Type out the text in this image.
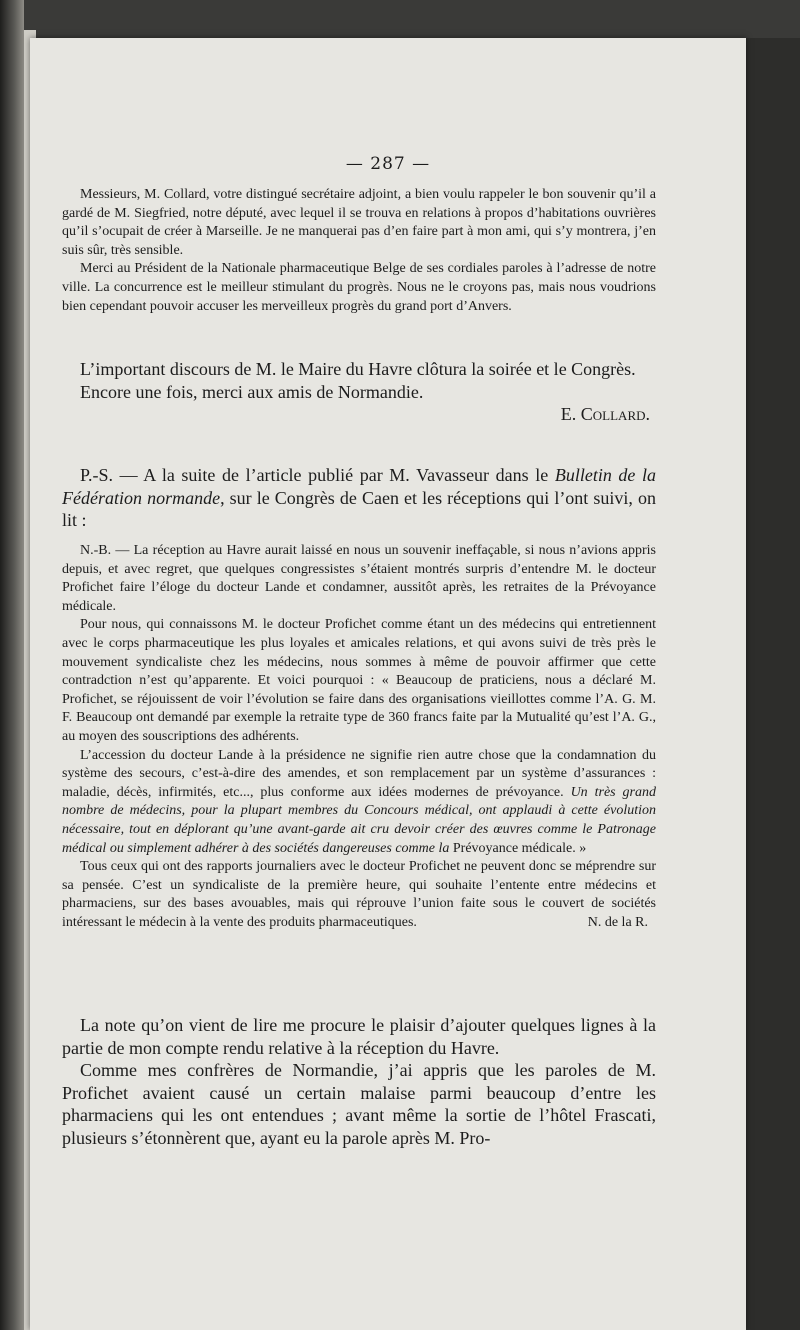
— 287 —

Messieurs, M. Collard, votre distingué secrétaire adjoint, a bien voulu rappeler le bon souvenir qu’il a gardé de M. Siegfried, notre député, avec lequel il se trouva en relations à propos d’habitations ouvrières qu’il s’ocupait de créer à Marseille. Je ne manquerai pas d’en faire part à mon ami, qui s’y montrera, j’en suis sûr, très sensible.

Merci au Président de la Nationale pharmaceutique Belge de ses cordiales paroles à l’adresse de notre ville. La concurrence est le meilleur stimulant du progrès. Nous ne le croyons pas, mais nous voudrions bien cependant pouvoir accuser les merveilleux progrès du grand port d’Anvers.

L’important discours de M. le Maire du Havre clôtura la soirée et le Congrès.

Encore une fois, merci aux amis de Normandie.

E. Collard.

P.-S. — A la suite de l’article publié par M. Vavasseur dans le Bulletin de la Fédération normande, sur le Congrès de Caen et les réceptions qui l’ont suivi, on lit :

N.-B. — La réception au Havre aurait laissé en nous un souvenir ineffaçable, si nous n’avions appris depuis, et avec regret, que quelques congressistes s’étaient montrés surpris d’entendre M. le docteur Profichet faire l’éloge du docteur Lande et condamner, aussitôt après, les retraites de la Prévoyance médicale.

Pour nous, qui connaissons M. le docteur Profichet comme étant un des médecins qui entretiennent avec le corps pharmaceutique les plus loyales et amicales relations, et qui avons suivi de très près le mouvement syndicaliste chez les médecins, nous sommes à même de pouvoir affirmer que cette contradction n’est qu’apparente. Et voici pourquoi : « Beaucoup de praticiens, nous a déclaré M. Profichet, se réjouissent de voir l’évolution se faire dans des organisations vieillottes comme l’A. G. M. F. Beaucoup ont demandé par exemple la retraite type de 360 francs faite par la Mutualité qu’est l’A. G., au moyen des souscriptions des adhérents.

L’accession du docteur Lande à la présidence ne signifie rien autre chose que la condamnation du système des secours, c’est-à-dire des amendes, et son remplacement par un système d’assurances : maladie, décès, infirmités, etc..., plus conforme aux idées modernes de prévoyance. Un très grand nombre de médecins, pour la plupart membres du Concours médical, ont applaudi à cette évolution nécessaire, tout en déplorant qu’une avant-garde ait cru devoir créer des œuvres comme le Patronage médical ou simplement adhérer à des sociétés dangereuses comme la Prévoyance médicale. »

Tous ceux qui ont des rapports journaliers avec le docteur Profichet ne peuvent donc se méprendre sur sa pensée. C’est un syndicaliste de la première heure, qui souhaite l’entente entre médecins et pharmaciens, sur des bases avouables, mais qui réprouve l’union faite sous le couvert de sociétés intéressant le médecin à la vente des produits pharmaceutiques.	N. de la R.

La note qu’on vient de lire me procure le plaisir d’ajouter quelques lignes à la partie de mon compte rendu relative à la réception du Havre.

Comme mes confrères de Normandie, j’ai appris que les paroles de M. Profichet avaient causé un certain malaise parmi beaucoup d’entre les pharmaciens qui les ont entendues ; avant même la sortie de l’hôtel Frascati, plusieurs s’étonnèrent que, ayant eu la parole après M. Pro-
